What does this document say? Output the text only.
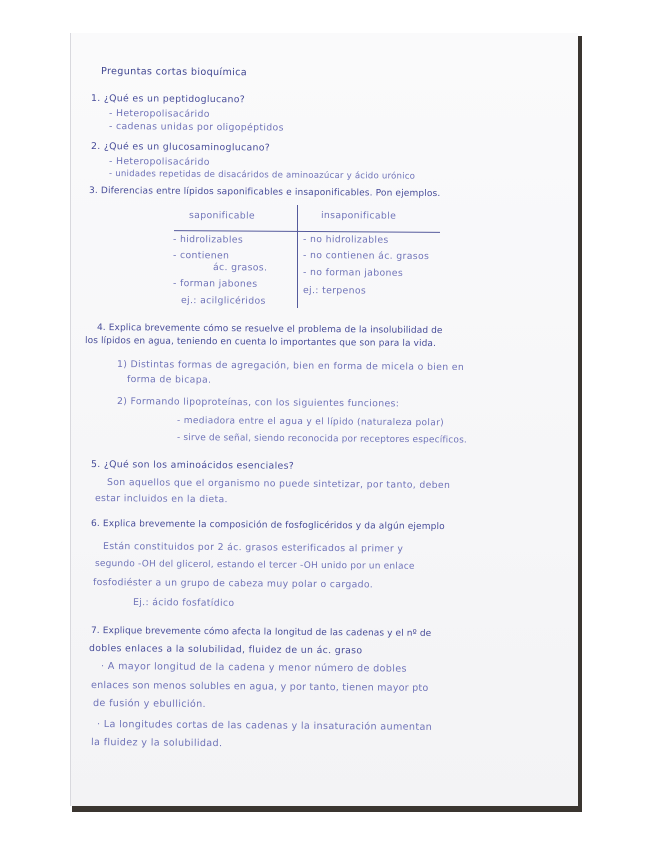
Preguntas cortas bioquímica
1. ¿Qué es un peptidoglucano?
- Heteropolisacárido
- cadenas unidas por oligopéptidos
2. ¿Qué es un glucosaminoglucano?
- Heteropolisacárido
- unidades repetidas de disacáridos de aminoazúcar y ácido urónico
3. Diferencias entre lípidos saponificables e insaponificables. Pon ejemplos.
saponificable	insaponificable
- hidrolizables
- contienen
ác. grasos.
- forman jabones
ej.: acilglicéridos
- no hidrolizables
- no contienen ác. grasos
- no forman jabones
ej.: terpenos
4. Explica brevemente cómo se resuelve el problema de la insolubilidad de
los lípidos en agua, teniendo en cuenta lo importantes que son para la vida.
1) Distintas formas de agregación, bien en forma de micela o bien en
forma de bicapa.
2) Formando lipoproteínas, con los siguientes funciones:
- mediadora entre el agua y el lípido (naturaleza polar)
- sirve de señal, siendo reconocida por receptores específicos.
5. ¿Qué son los aminoácidos esenciales?
Son aquellos que el organismo no puede sintetizar, por tanto, deben
estar incluidos en la dieta.
6. Explica brevemente la composición de fosfoglicéridos y da algún ejemplo
Están constituidos por 2 ác. grasos esterificados al primer y
segundo -OH del glicerol, estando el tercer -OH unido por un enlace
fosfodiéster a un grupo de cabeza muy polar o cargado.
Ej.: ácido fosfatídico
7. Explique brevemente cómo afecta la longitud de las cadenas y el nº de
dobles enlaces a la solubilidad, fluidez de un ác. graso
· A mayor longitud de la cadena y menor número de dobles
enlaces son menos solubles en agua, y por tanto, tienen mayor pto
de fusión y ebullición.
· La longitudes cortas de las cadenas y la insaturación aumentan
la fluidez y la solubilidad.
